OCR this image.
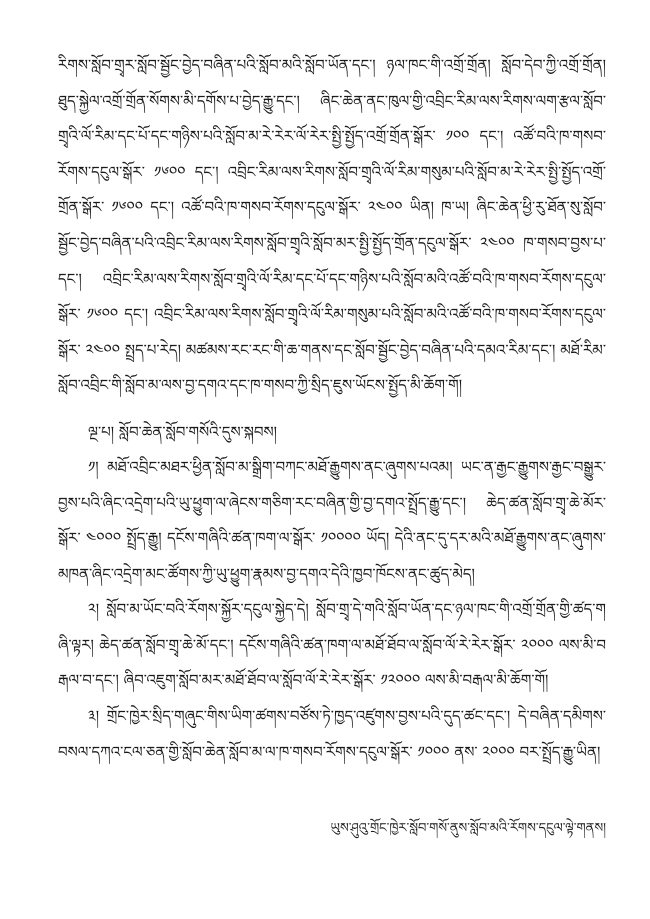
རིགས་སློབ་གྲྭར་སློབ་སྦྱོང་བྱེད་བཞིན་པའི་སློབ་མའི་སློབ་ཡོན་དང་། ཉལ་ཁང་གི་འགྲོ་གྲོན། སློབ་དེབ་ཀྱི་འགྲོ་གྲོན། ཐུད་སྐྱེལ་འགྲོ་གྲོན་སོགས་མི་དགོས་པ་བྱེད་རྒྱུ་དང་། ཞིང་ཆེན་ནང་ཁུལ་གྱི་འབྲིང་རིམ་ལས་རིགས་ལག་རྩལ་སློབ་གྲྭའི་ལོ་རིམ་དང་པོ་དང་གཉིས་པའི་སློབ་མ་རེ་རེར་ལོ་རེར་སྤྱི་སྤྱོད་འགྲོ་གྲོན་སྒོར་ ༡༠༠ དང་། འཚོ་བའི་ཁ་གསབ་རོགས་དངུལ་སྒོར་ ༡༦༠༠ དང་། འབྲིང་རིམ་ལས་རིགས་སློབ་གྲྭའི་ལོ་རིམ་གསུམ་པའི་སློབ་མ་རེ་རེར་སྤྱི་སྤྱོད་འགྲོ་གྲོན་སྒོར་ ༡༦༠༠ དང་། འཚོ་བའི་ཁ་གསབ་རོགས་དངུལ་སྒོར་ ༢༤༠༠ ཡིན། ཁ་ཡ། ཞིང་ཆེན་ཕྱི་རུ་ཐོན་སུ་སློབ་སྦྱོང་བྱེད་བཞིན་པའི་འབྲིང་རིམ་ལས་རིགས་སློབ་གྲྭའི་སློབ་མར་སྤྱི་སྤྱོད་གྲོན་དངུལ་སྒོར་ ༢༤༠༠ ཁ་གསབ་བྱས་པ་དང་། འབྲིང་རིམ་ལས་རིགས་སློབ་གྲྭའི་ལོ་རིམ་དང་པོ་དང་གཉིས་པའི་སློབ་མའི་འཚོ་བའི་ཁ་གསབ་རོགས་དངུལ་སྒོར་ ༡༦༠༠ དང་། འབྲིང་རིམ་ལས་རིགས་སློབ་གྲྭའི་ལོ་རིམ་གསུམ་པའི་སློབ་མའི་འཚོ་བའི་ཁ་གསབ་རོགས་དངུལ་སྒོར་ ༢༤༠༠ སྤྲད་པ་རེད། མཚམས་རང་རང་གི་ཆ་གནས་དང་སློབ་སྦྱོང་བྱེད་བཞིན་པའི་དམའ་རིམ་དང་། མཐོ་རིམ་སློབ་འབྲིང་གི་སློབ་མ་ལས་བྱ་དགའ་དང་ཁ་གསབ་ཀྱི་སྲིད་ཇུས་ཡོངས་སྤྱོད་མི་ཆོག་གོ།

ལྔ་པ། སློབ་ཆེན་སློབ་གསོའི་དུས་སྐབས།

༡། མཐོ་འབྲིང་མཐར་ཕྱིན་སློབ་མ་སྒྲིག་བཀང་མཐོ་རྒྱུགས་ནང་ཞུགས་པའམ། ཡང་ན་རྒྱང་རྒྱུགས་རྒྱང་བསྒྱུར་བྱས་པའི་ཞིང་འདྲེག་པའི་ཡུ་ཕྱུག་ལ་ཞེངས་གཅིག་རང་བཞིན་གྱི་བྱ་དགའ་སྤྲོད་རྒྱུ་དང་། ཆེད་ཚན་སློབ་གྲྭ་ཆེ་མོར་སྒོར་ ༤༠༠༠ སྤྲོད་རྒྱུ། དངོས་གཞིའི་ཚན་ཁག་ལ་སྒོར་ ༡༠༠༠༠ ཡོད། དེའི་ནང་དུ་དར་མའི་མཐོ་རྒྱུགས་ནང་ཞུགས་མཁན་ཞིང་འདྲེག་མང་ཚོགས་ཀྱི་ཡུ་ཕྱུག་རྣམས་བྱ་དགའ་དེའི་ཁྱབ་ཁོངས་ནང་ཚུད་མེད།
༢། སློབ་མ་ཡོང་བའི་རོགས་སྐྱོར་དངུལ་སྐྱེད་དེ། སློབ་གྲྭ་དེ་གའི་སློབ་ཡོན་དང་ཉལ་ཁང་གི་འགྲོ་གྲོན་གྱི་ཚད་གཞི་ལྟར། ཆེད་ཚན་སློབ་གྲྭ་ཆེ་མོ་དང་། དངོས་གཞིའི་ཚན་ཁག་ལ་མཐོ་ཐོབ་ལ་སློབ་ལོ་རེ་རེར་སྒོར་ ༢༠༠༠ ལས་མི་བརྒལ་བ་དང་། ཞིབ་འཇུག་སློབ་མར་མཐོ་ཐོབ་ལ་སློབ་ལོ་རེ་རེར་སྒོར་ ༡༢༠༠༠ ལས་མི་བརྒལ་མི་ཆོག་གོ།
༣། གྲོང་ཁྱེར་སྲིད་གཞུང་གིས་ཡིག་ཚགས་བཙོས་ཏེ་ཁྱད་འཛུགས་བྱས་པའི་དུད་ཚང་དང་། དེ་བཞིན་དམིགས་བསལ་དཀའ་ངལ་ཅན་གྱི་སློབ་ཆེན་སློབ་མ་ལ་ཁ་གསབ་རོགས་དངུལ་སྒོར་ ༡༠༠༠ ནས་ ༢༠༠༠ བར་སྤྲོད་རྒྱུ་ཡིན།
ཡུས་ཤུའུ་གྲོང་ཁྱེར་སློབ་གསོ་ནུས་སློབ་མའི་རོགས་དངུལ་ལྟེ་གནས།
